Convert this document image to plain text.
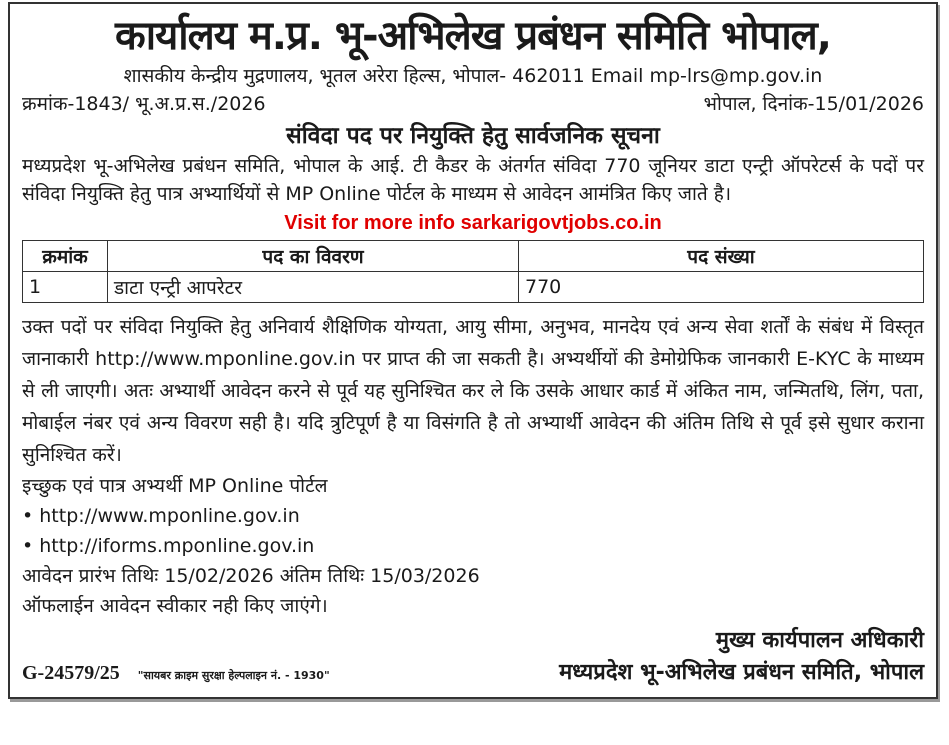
कार्यालय म.प्र. भू-अभिलेख प्रबंधन समिति भोपाल,
शासकीय केन्द्रीय मुद्रणालय, भूतल अरेरा हिल्स, भोपाल- 462011 Email mp-lrs@mp.gov.in
क्रमांक-1843/ भू.अ.प्र.स./2026	भोपाल, दिनांक-15/01/2026
संविदा पद पर नियुक्ति हेतु सार्वजनिक सूचना
मध्यप्रदेश भू-अभिलेख प्रबंधन समिति, भोपाल के आई. टी कैडर के अंतर्गत संविदा 770 जूनियर डाटा एन्ट्री ऑपरेटर्स के पदों पर संविदा नियुक्ति हेतु पात्र अभ्यार्थियों से MP Online पोर्टल के माध्यम से आवेदन आमंत्रित किए जाते है।
Visit for more info sarkarigovtjobs.co.in
क्रमांक	पद का विवरण	पद संख्या
1	डाटा एन्ट्री आपरेटर	770
उक्त पदों पर संविदा नियुक्ति हेतु अनिवार्य शैक्षिणिक योग्यता, आयु सीमा, अनुभव, मानदेय एवं अन्य सेवा शर्तों के संबंध में विस्तृत जानाकारी http://www.mponline.gov.in पर प्राप्त की जा सकती है। अभ्यर्थीयों की डेमोग्रेफिक जानकारी E-KYC के माध्यम से ली जाएगी। अतः अभ्यार्थी आवेदन करने से पूर्व यह सुनिश्चित कर ले कि उसके आधार कार्ड में अंकित नाम, जन्मितथि, लिंग, पता, मोबाईल नंबर एवं अन्य विवरण सही है। यदि त्रुटिपूर्ण है या विसंगति है तो अभ्यार्थी आवेदन की अंतिम तिथि से पूर्व इसे सुधार कराना सुनिश्चित करें।
इच्छुक एवं पात्र अभ्यर्थी MP Online पोर्टल
• http://www.mponline.gov.in
• http://iforms.mponline.gov.in
आवेदन प्रारंभ तिथिः 15/02/2026 अंतिम तिथिः 15/03/2026
ऑफलाईन आवेदन स्वीकार नही किए जाएंगे।
मुख्य कार्यपालन अधिकारी
G-24579/25 "सायबर क्राइम सुरक्षा हेल्पलाइन नं. - 1930"	मध्यप्रदेश भू-अभिलेख प्रबंधन समिति, भोपाल
